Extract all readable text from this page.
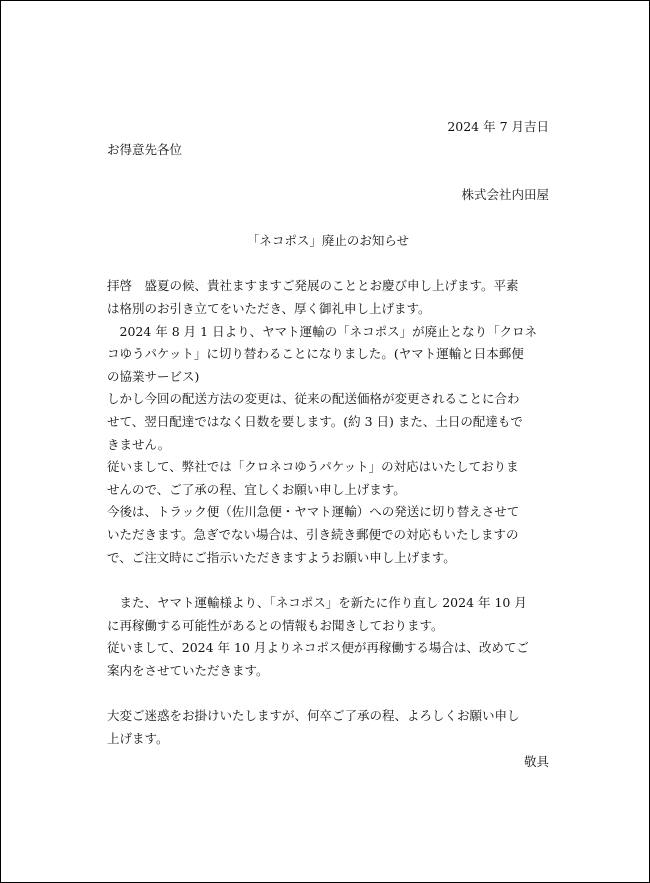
2024 年 7 月吉日
お得意先各位
株式会社内田屋
「ネコポス」廃止のお知らせ
拝啓　盛夏の候、貴社ますますご発展のこととお慶び申し上げます。平素
は格別のお引き立てをいただき、厚く御礼申し上げます。
　2024 年 8 月 1 日より、ヤマト運輸の「ネコポス」が廃止となり「クロネ
コゆうパケット」に切り替わることになりました。(ヤマト運輸と日本郵便
の協業サービス)
しかし今回の配送方法の変更は、従来の配送価格が変更されることに合わ
せて、翌日配達ではなく日数を要します。(約 3 日) また、土日の配達もで
きません。
従いまして、弊社では「クロネコゆうパケット」の対応はいたしておりま
せんので、ご了承の程、宜しくお願い申し上げます。
今後は、トラック便（佐川急便・ヤマト運輸）への発送に切り替えさせて
いただきます。急ぎでない場合は、引き続き郵便での対応もいたしますの
で、ご注文時にご指示いただきますようお願い申し上げます。
　また、ヤマト運輸様より、「ネコポス」を新たに作り直し 2024 年 10 月
に再稼働する可能性があるとの情報もお聞きしております。
従いまして、2024 年 10 月よりネコポス便が再稼働する場合は、改めてご
案内をさせていただきます。
大変ご迷惑をお掛けいたしますが、何卒ご了承の程、よろしくお願い申し
上げます。
敬具
